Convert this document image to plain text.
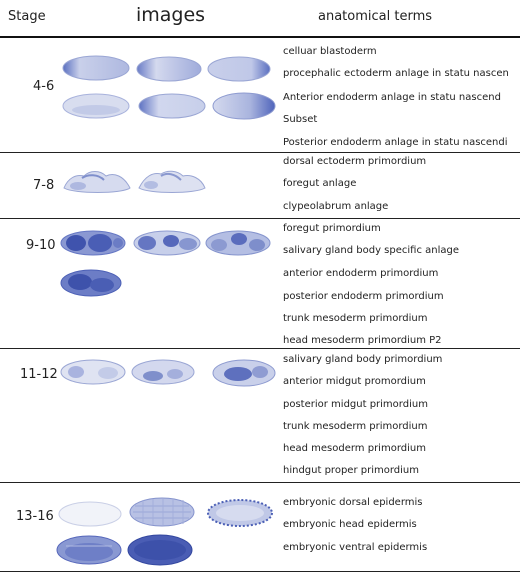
Stage	images	anatomical terms
4-6
celluar blastoderm
procephalic ectoderm anlage in statu nascen
Anterior endoderm anlage in statu nascend
Subset
Posterior endoderm anlage in statu nascendi
7-8
dorsal ectoderm primordium
foregut anlage
clypeolabrum anlage
9-10
foregut primordium
salivary gland body specific anlage
anterior endoderm primordium
posterior endoderm primordium
trunk mesoderm primordium
head mesoderm primordium P2
11-12
salivary gland body primordium
anterior midgut promordium
posterior midgut primordium
trunk mesoderm primordium
head mesoderm primordium
hindgut proper primordium
13-16
embryonic dorsal epidermis
embryonic head epidermis
embryonic ventral epidermis
